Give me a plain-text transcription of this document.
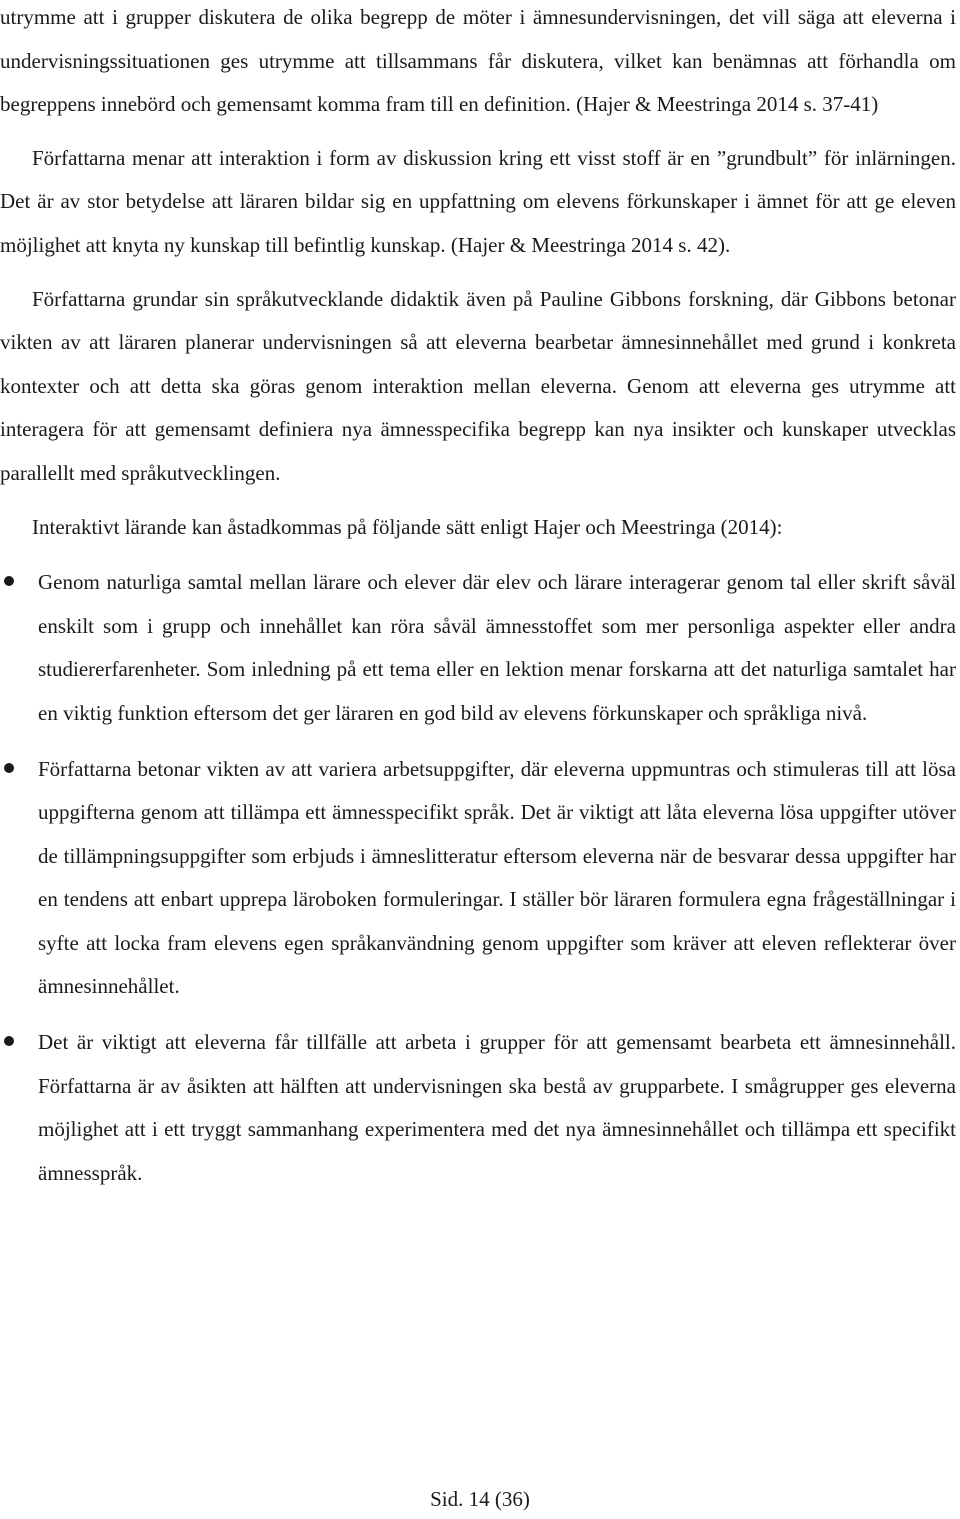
utrymme att i grupper diskutera de olika begrepp de möter i ämnesundervisningen, det vill säga att eleverna i undervisningssituationen ges utrymme att tillsammans får diskutera, vilket kan benämnas att förhandla om begreppens innebörd och gemensamt komma fram till en definition. (Hajer & Meestringa 2014 s. 37-41)

Författarna menar att interaktion i form av diskussion kring ett visst stoff är en ”grundbult” för inlärningen. Det är av stor betydelse att läraren bildar sig en uppfattning om elevens förkunskaper i ämnet för att ge eleven möjlighet att knyta ny kunskap till befintlig kunskap. (Hajer & Meestringa 2014 s. 42).

Författarna grundar sin språkutvecklande didaktik även på Pauline Gibbons forskning, där Gibbons betonar vikten av att läraren planerar undervisningen så att eleverna bearbetar ämnesinnehållet med grund i konkreta kontexter och att detta ska göras genom interaktion mellan eleverna. Genom att eleverna ges utrymme att interagera för att gemensamt definiera nya ämnesspecifika begrepp kan nya insikter och kunskaper utvecklas parallellt med språkutvecklingen.

Interaktivt lärande kan åstadkommas på följande sätt enligt Hajer och Meestringa (2014):

Genom naturliga samtal mellan lärare och elever där elev och lärare interagerar genom tal eller skrift såväl enskilt som i grupp och innehållet kan röra såväl ämnesstoffet som mer personliga aspekter eller andra studiererfarenheter. Som inledning på ett tema eller en lektion menar forskarna att det naturliga samtalet har en viktig funktion eftersom det ger läraren en god bild av elevens förkunskaper och språkliga nivå.

Författarna betonar vikten av att variera arbetsuppgifter, där eleverna uppmuntras och stimuleras till att lösa uppgifterna genom att tillämpa ett ämnesspecifikt språk. Det är viktigt att låta eleverna lösa uppgifter utöver de tillämpningsuppgifter som erbjuds i ämneslitteratur eftersom eleverna när de besvarar dessa uppgifter har en tendens att enbart upprepa läroboken formuleringar. I ställer bör läraren formulera egna frågeställningar i syfte att locka fram elevens egen språkanvändning genom uppgifter som kräver att eleven reflekterar över ämnesinnehållet.

Det är viktigt att eleverna får tillfälle att arbeta i grupper för att gemensamt bearbeta ett ämnesinnehåll. Författarna är av åsikten att hälften att undervisningen ska bestå av grupparbete. I smågrupper ges eleverna möjlighet att i ett tryggt sammanhang experimentera med det nya ämnesinnehållet och tillämpa ett specifikt ämnesspråk.

Sid. 14 (36)
